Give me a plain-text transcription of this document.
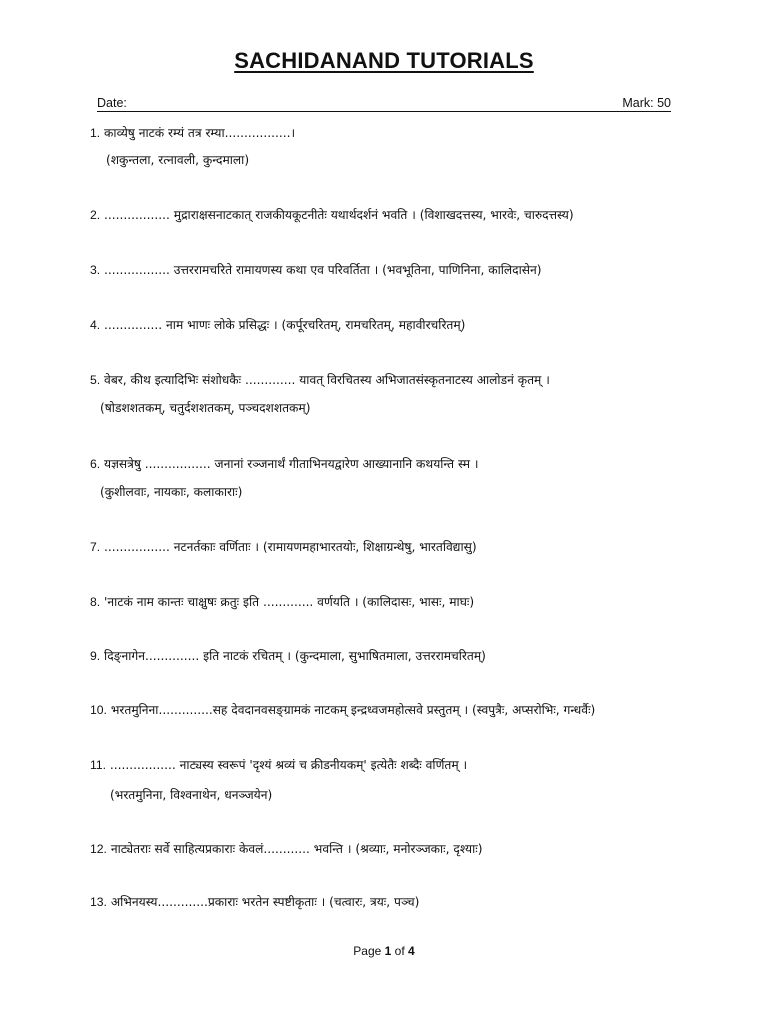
SACHIDANAND TUTORIALS
Date:	Mark: 50
1. काव्येषु नाटकं रम्यं तत्र रम्या.................।
(शकुन्तला, रत्नावली, कुन्दमाला)
2. ................. मुद्राराक्षसनाटकात् राजकीयकूटनीतेः यथार्थदर्शनं भवति । (विशाखदत्तस्य, भारवेः, चारुदत्तस्य)
3. ................. उत्तररामचरिते रामायणस्य कथा एव परिवर्तिता । (भवभूतिना, पाणिनिना, कालिदासेन)
4. ............... नाम भाणः लोके प्रसिद्धः । (कर्पूरचरितम्, रामचरितम्, महावीरचरितम्)
5. वेबर, कीथ इत्यादिभिः संशोधकैः ............. यावत् विरचितस्य अभिजातसंस्कृतनाटस्य आलोडनं कृतम् ।
(षोडशशतकम्, चतुर्दशशतकम्, पञ्चदशशतकम्)
6. यज्ञसत्रेषु ................. जनानां रञ्जनार्थं गीताभिनयद्वारेण आख्यानानि कथयन्ति स्म ।
(कुशीलवाः, नायकाः, कलाकाराः)
7. ................. नटनर्तकाः वर्णिताः । (रामायणमहाभारतयोः, शिक्षाग्रन्थेषु, भारतविद्यासु)
8. 'नाटकं नाम कान्तः चाक्षुषः क्रतुः इति ............. वर्णयति । (कालिदासः, भासः, माघः)
9. दिङ्नागेन.............. इति नाटकं रचितम् । (कुन्दमाला, सुभाषितमाला, उत्तररामचरितम्)
10. भरतमुनिना..............सह देवदानवसङ्ग्रामकं नाटकम् इन्द्रध्वजमहोत्सवे प्रस्तुतम् । (स्वपुत्रैः, अप्सरोभिः, गन्धर्वैः)
11. ................. नाट्यस्य स्वरूपं 'दृश्यं श्रव्यं च क्रीडनीयकम्' इत्येतैः शब्दैः वर्णितम् ।
(भरतमुनिना, विश्वनाथेन, धनञ्जयेन)
12. नाट्येतराः सर्वे साहित्यप्रकाराः केवलं............ भवन्ति । (श्रव्याः, मनोरञ्जकाः, दृश्याः)
13. अभिनयस्य.............प्रकाराः भरतेन स्पष्टीकृताः । (चत्वारः, त्रयः, पञ्च)
Page 1 of 4
